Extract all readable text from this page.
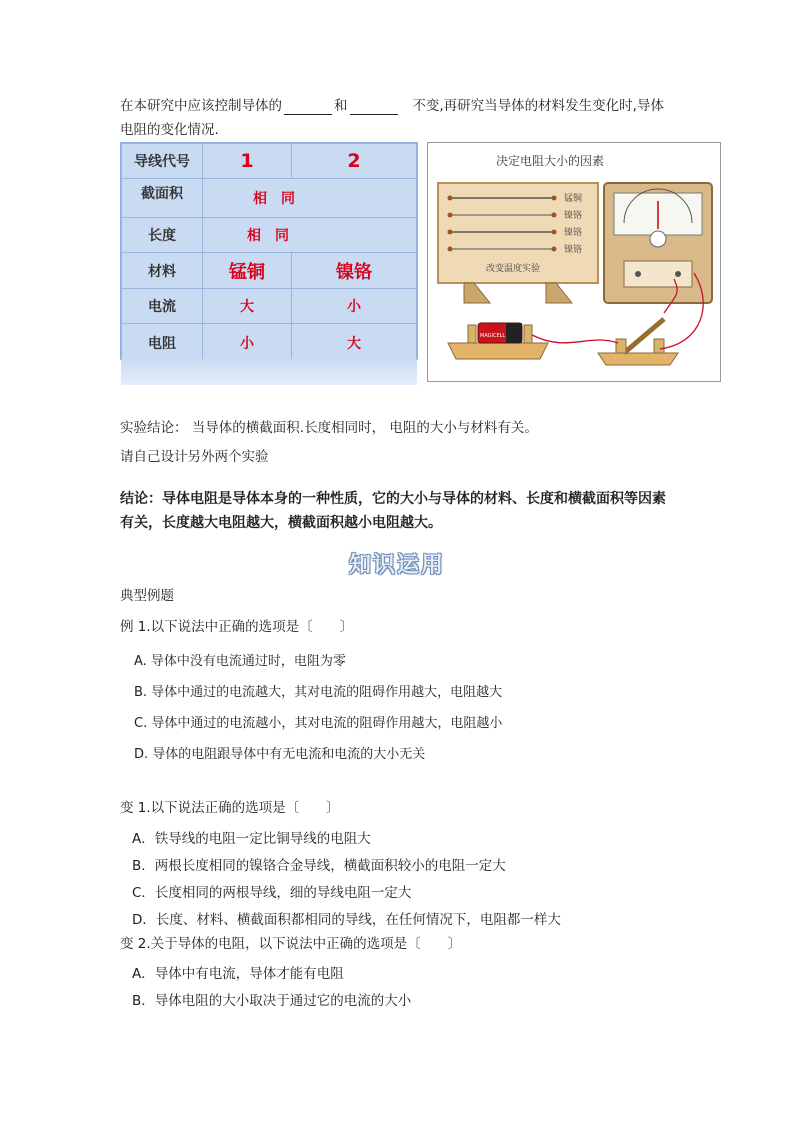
在本研究中应该控制导体的	和	不变,再研究当导体的材料发生变化时,导体
电阻的变化情况.
导线代号	1	2
截面积	相　同	
长度	相　同	
材料	锰铜	镍铬
电流	大	小
电阻	小	大
决定电阻大小的因素
锰铜
镍铬
镍铬
镍铬
改变温度实验
MAGICELL
实验结论： 当导体的横截面积.长度相同时， 电阻的大小与材料有关。
请自己设计另外两个实验
结论：导体电阻是导体本身的一种性质，它的大小与导体的材料、长度和横截面积等因素
有关，长度越大电阻越大，横截面积越小电阻越大。
知识运用
典型例题
例 1.以下说法中正确的选项是〔　　〕
A. 导体中没有电流通过时，电阻为零
B. 导体中通过的电流越大，其对电流的阻碍作用越大，电阻越大
C. 导体中通过的电流越小，其对电流的阻碍作用越大，电阻越小
D. 导体的电阻跟导体中有无电流和电流的大小无关
变 1.以下说法正确的选项是〔　　〕
A．铁导线的电阻一定比铜导线的电阻大
B．两根长度相同的镍铬合金导线，横截面积较小的电阻一定大
C．长度相同的两根导线，细的导线电阻一定大
D．长度、材料、横截面积都相同的导线，在任何情况下，电阻都一样大
变 2.关于导体的电阻，以下说法中正确的选项是〔　　〕
A．导体中有电流，导体才能有电阻
B．导体电阻的大小取决于通过它的电流的大小
